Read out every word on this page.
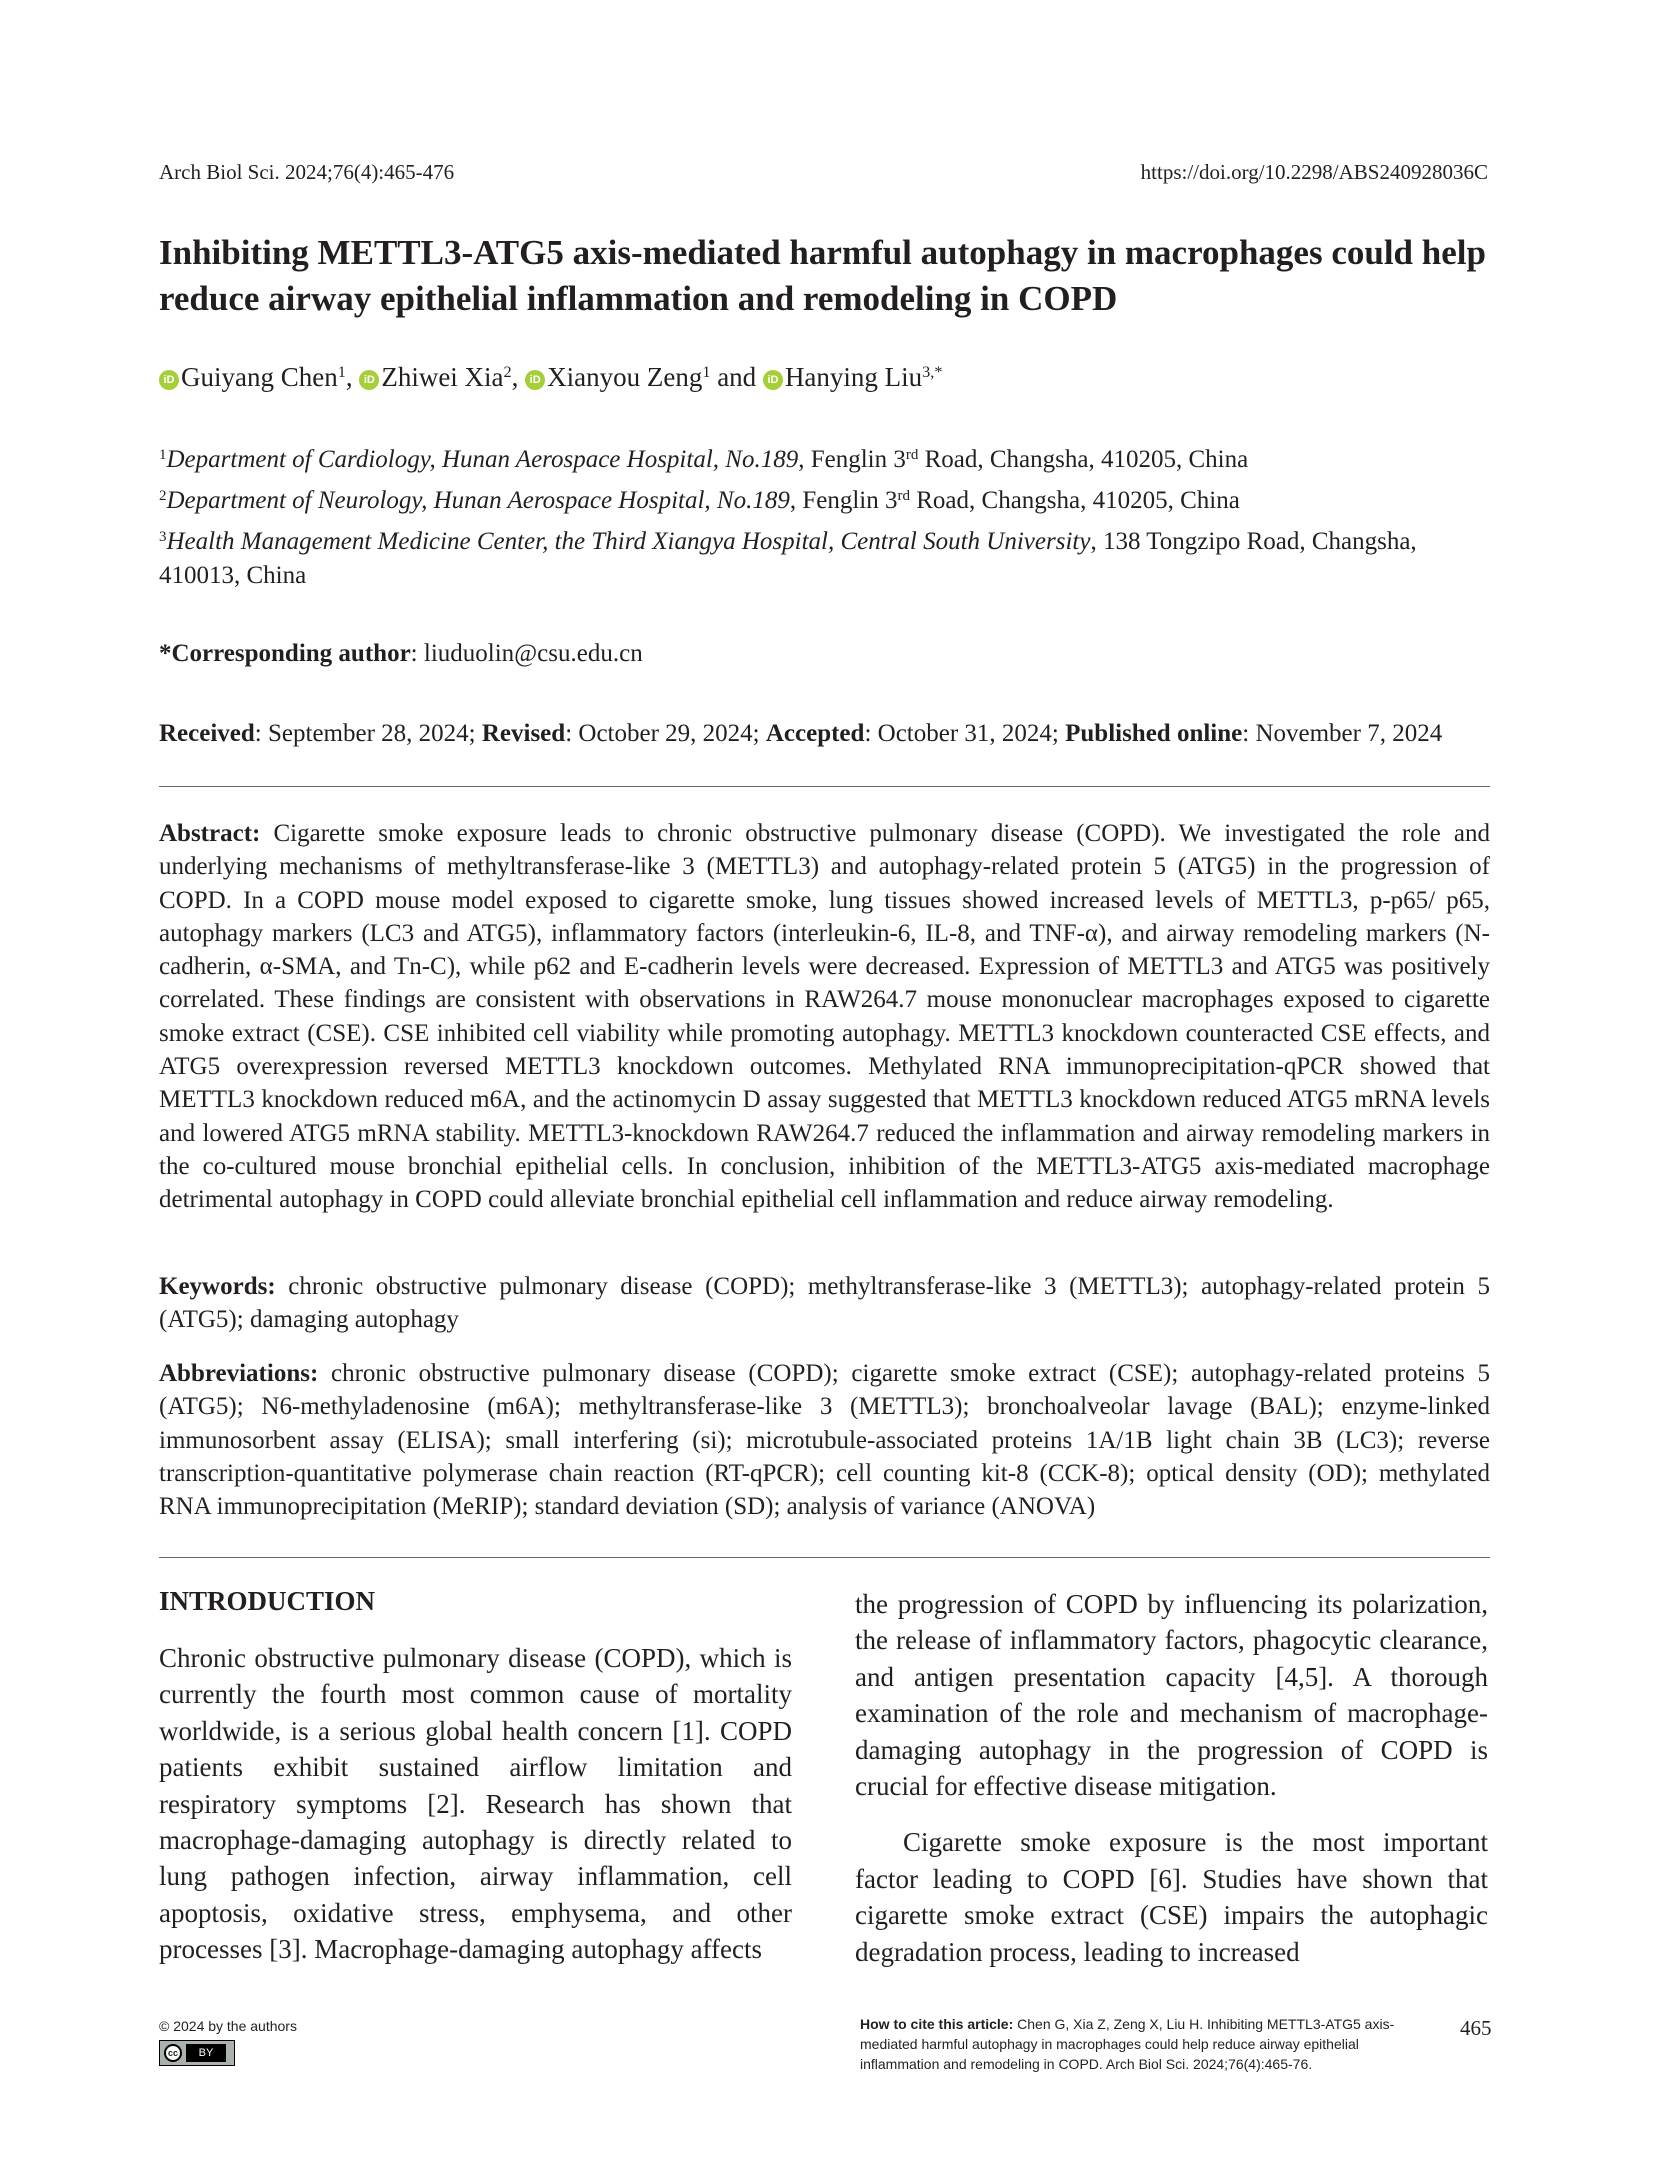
Arch Biol Sci. 2024;76(4):465-476	https://doi.org/10.2298/ABS240928036C
Inhibiting METTL3-ATG5 axis-mediated harmful autophagy in macrophages could help
reduce airway epithelial inflammation and remodeling in COPD
iD Guiyang Chen$^1$, iD Zhiwei Xia$^2$, iD Xianyou Zeng$^1$ and iD Hanying Liu$^{3,*}$
$^1$Department of Cardiology, Hunan Aerospace Hospital, No.189, Fenglin 3rd Road, Changsha, 410205, China
$^2$Department of Neurology, Hunan Aerospace Hospital, No.189, Fenglin 3rd Road, Changsha, 410205, China
$^3$Health Management Medicine Center, the Third Xiangya Hospital, Central South University, 138 Tongzipo Road, Changsha,
410013, China
*Corresponding author: liuduolin@csu.edu.cn
Received: September 28, 2024; Revised: October 29, 2024; Accepted: October 31, 2024; Published online: November 7, 2024
Abstract: Cigarette smoke exposure leads to chronic obstructive pulmonary disease (COPD). We investigated the role and underlying mechanisms of methyltransferase-like 3 (METTL3) and autophagy-related protein 5 (ATG5) in the progression of COPD. In a COPD mouse model exposed to cigarette smoke, lung tissues showed increased levels of METTL3, p-p65/ p65, autophagy markers (LC3 and ATG5), inflammatory factors (interleukin-6, IL-8, and TNF-α), and airway remodeling markers (N-cadherin, α-SMA, and Tn-C), while p62 and E-cadherin levels were decreased. Expression of METTL3 and ATG5 was positively correlated. These findings are consistent with observations in RAW264.7 mouse mononuclear macrophages exposed to cigarette smoke extract (CSE). CSE inhibited cell viability while promoting autophagy. METTL3 knockdown counteracted CSE effects, and ATG5 overexpression reversed METTL3 knockdown outcomes. Methylated RNA immunoprecipitation-qPCR showed that METTL3 knockdown reduced m6A, and the actinomycin D assay suggested that METTL3 knockdown reduced ATG5 mRNA levels and lowered ATG5 mRNA stability. METTL3-knockdown RAW264.7 reduced the inflammation and airway remodeling markers in the co-cultured mouse bronchial epithelial cells. In conclusion, inhibition of the METTL3-ATG5 axis-mediated macrophage detrimental autophagy in COPD could alleviate bronchial epithelial cell inflammation and reduce airway remodeling.
Keywords: chronic obstructive pulmonary disease (COPD); methyltransferase-like 3 (METTL3); autophagy-related protein 5 (ATG5); damaging autophagy
Abbreviations: chronic obstructive pulmonary disease (COPD); cigarette smoke extract (CSE); autophagy-related proteins 5 (ATG5); N6-methyladenosine (m6A); methyltransferase-like 3 (METTL3); bronchoalveolar lavage (BAL); enzyme-linked immunosorbent assay (ELISA); small interfering (si); microtubule-associated proteins 1A/1B light chain 3B (LC3); reverse transcription-quantitative polymerase chain reaction (RT-qPCR); cell counting kit-8 (CCK-8); optical density (OD); methylated RNA immunoprecipitation (MeRIP); standard deviation (SD); analysis of variance (ANOVA)
INTRODUCTION
Chronic obstructive pulmonary disease (COPD), which is currently the fourth most common cause of mortality worldwide, is a serious global health concern [1]. COPD patients exhibit sustained airflow limitation and respiratory symptoms [2]. Research has shown that macrophage-damaging autophagy is directly related to lung pathogen infection, airway inflammation, cell apoptosis, oxidative stress, emphysema, and other processes [3]. Macrophage-damaging autophagy affects
the progression of COPD by influencing its polarization, the release of inflammatory factors, phagocytic clearance, and antigen presentation capacity [4,5]. A thorough examination of the role and mechanism of macrophage-damaging autophagy in the progression of COPD is crucial for effective disease mitigation.
Cigarette smoke exposure is the most important factor leading to COPD [6]. Studies have shown that cigarette smoke extract (CSE) impairs the autophagic degradation process, leading to increased
© 2024 by the authors
cc	BY
How to cite this article: Chen G, Xia Z, Zeng X, Liu H. Inhibiting METTL3-ATG5 axis-mediated harmful autophagy in macrophages could help reduce airway epithelial inflammation and remodeling in COPD. Arch Biol Sci. 2024;76(4):465-76.
465
